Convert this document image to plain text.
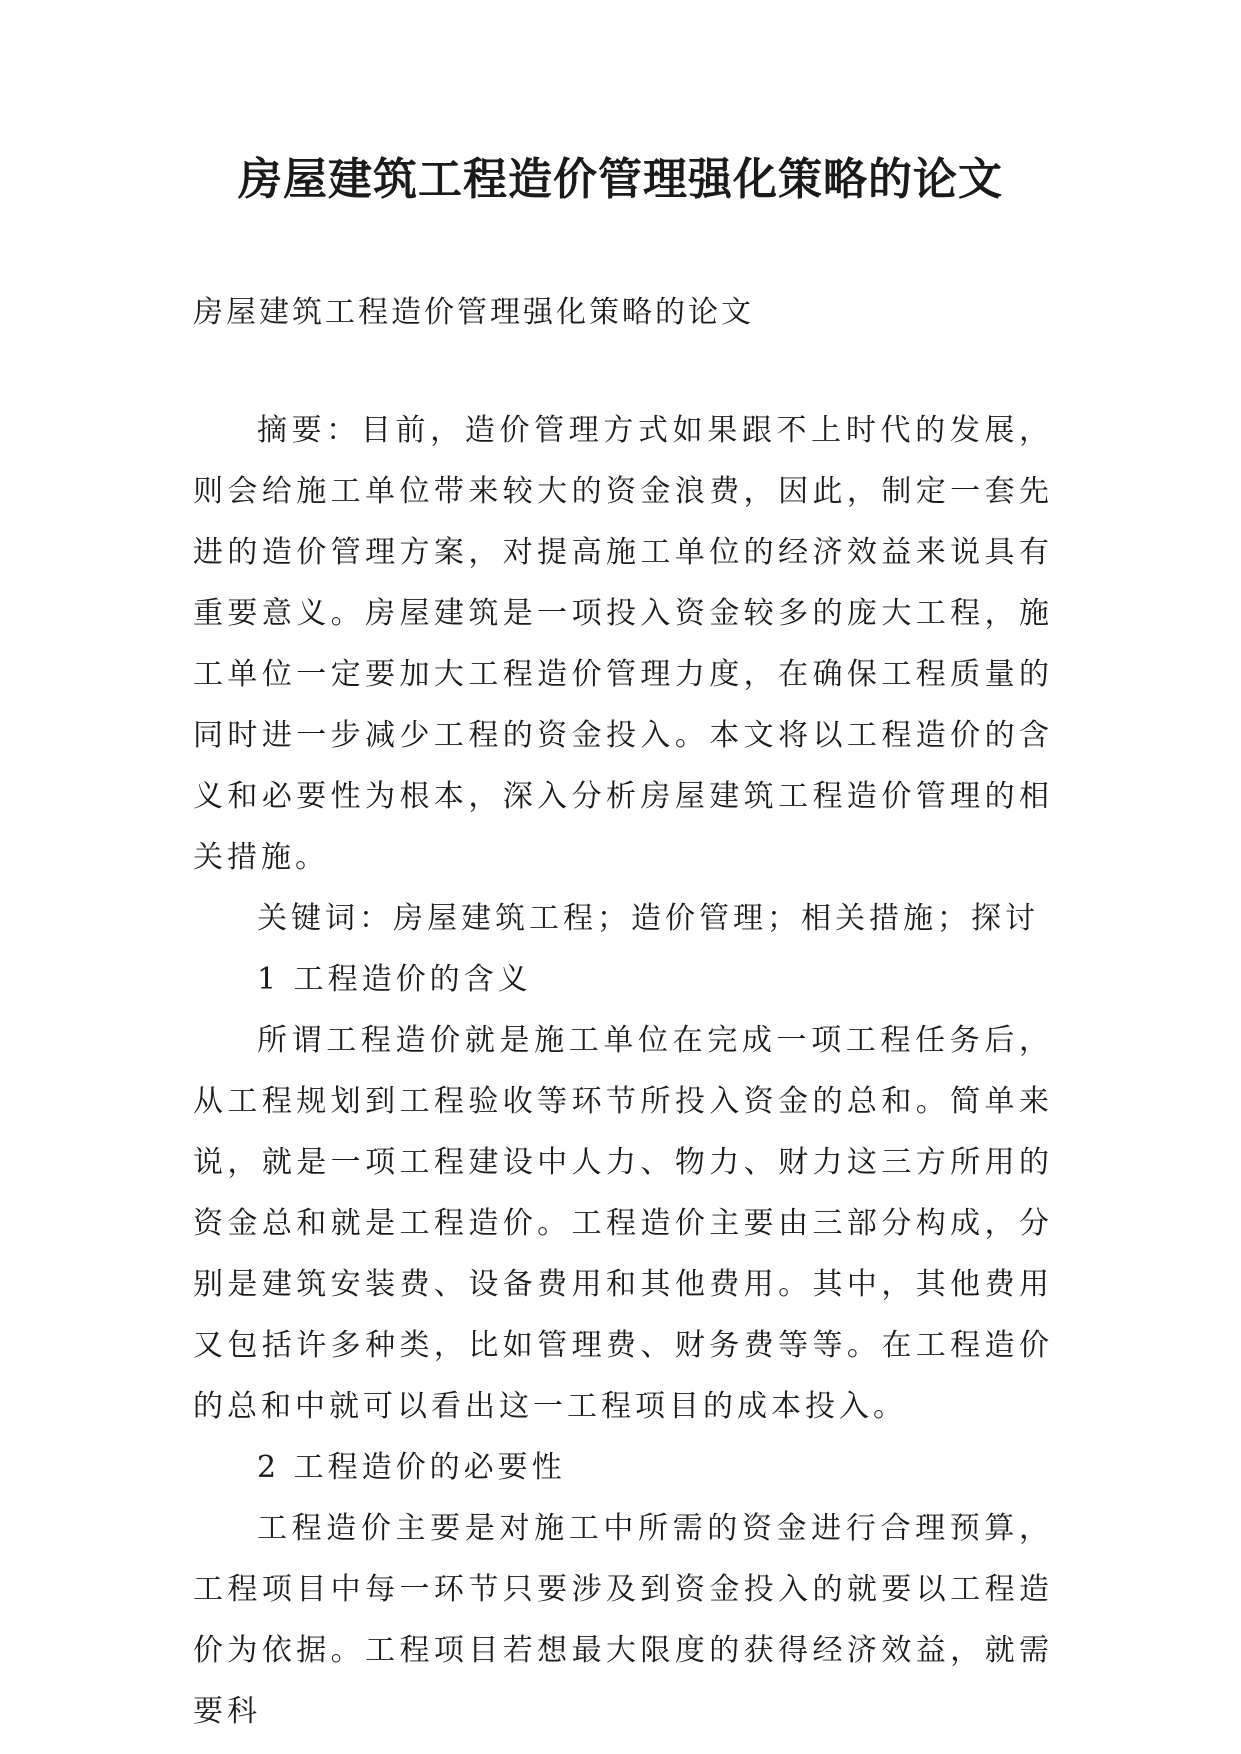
房屋建筑工程造价管理强化策略的论文

房屋建筑工程造价管理强化策略的论文

摘要：目前，造价管理方式如果跟不上时代的发展，则会给施工单位带来较大的资金浪费，因此，制定一套先进的造价管理方案，对提高施工单位的经济效益来说具有重要意义。房屋建筑是一项投入资金较多的庞大工程，施工单位一定要加大工程造价管理力度，在确保工程质量的同时进一步减少工程的资金投入。本文将以工程造价的含义和必要性为根本，深入分析房屋建筑工程造价管理的相关措施。

关键词：房屋建筑工程；造价管理；相关措施；探讨

1 工程造价的含义

所谓工程造价就是施工单位在完成一项工程任务后，从工程规划到工程验收等环节所投入资金的总和。简单来说，就是一项工程建设中人力、物力、财力这三方所用的资金总和就是工程造价。工程造价主要由三部分构成，分别是建筑安装费、设备费用和其他费用。其中，其他费用又包括许多种类，比如管理费、财务费等等。在工程造价的总和中就可以看出这一工程项目的成本投入。

2 工程造价的必要性

工程造价主要是对施工中所需的资金进行合理预算，工程项目中每一环节只要涉及到资金投入的就要以工程造价为依据。工程项目若想最大限度的获得经济效益，就需要科
